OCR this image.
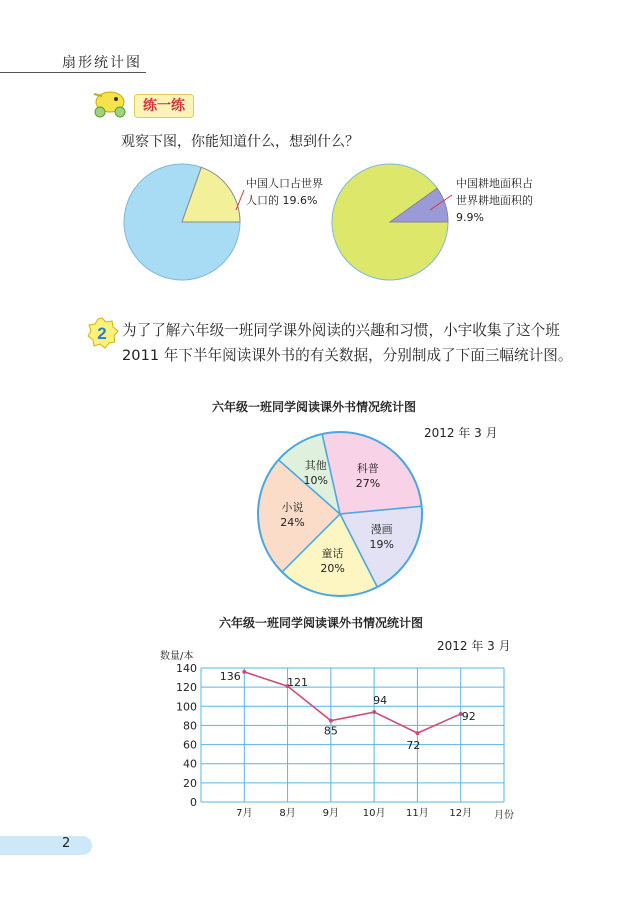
扇形统计图
练一练
观察下图，你能知道什么，想到什么？
中国人口占世界
人口的 19.6%
中国耕地面积占
世界耕地面积的
9.9%
2 为了了解六年级一班同学课外阅读的兴趣和习惯，小宇收集了这个班 2011 年下半年阅读课外书的有关数据，分别制成了下面三幅统计图。
六年级一班同学阅读课外书情况统计图
2012 年 3 月
科普
27%
漫画
19%
童话
20%
小说
24%
其他
10%
六年级一班同学阅读课外书情况统计图
2012 年 3 月
0
20
40
60
80
100
120
140
数量/本
7月	8月	9月 10月 11月 12月 月份
136	121
85
94
72
92
2
